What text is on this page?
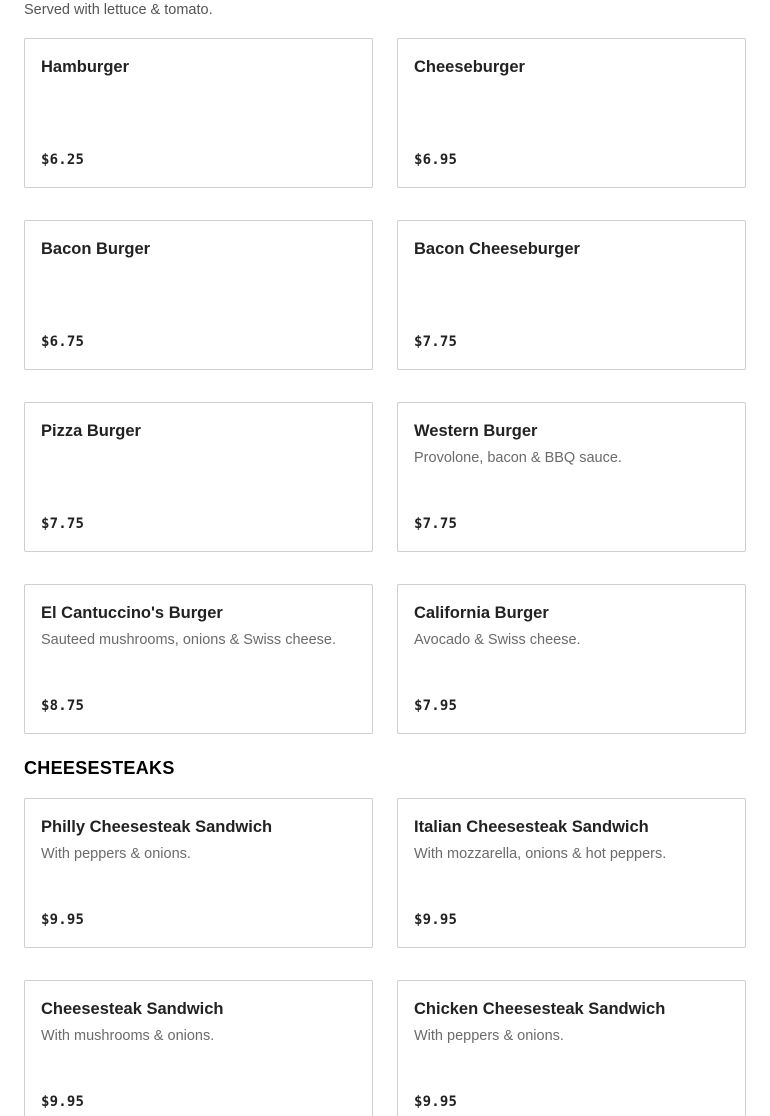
Served with lettuce & tomato.
Hamburger
$6.25
Cheeseburger
$6.95
Bacon Burger
$6.75
Bacon Cheeseburger
$7.75
Pizza Burger
$7.75
Western Burger
Provolone, bacon & BBQ sauce.
$7.75
El Cantuccino's Burger
Sauteed mushrooms, onions & Swiss cheese.
$8.75
California Burger
Avocado & Swiss cheese.
$7.95
CHEESESTEAKS
Philly Cheesesteak Sandwich
With peppers & onions.
$9.95
Italian Cheesesteak Sandwich
With mozzarella, onions & hot peppers.
$9.95
Cheesesteak Sandwich
With mushrooms & onions.
$9.95
Chicken Cheesesteak Sandwich
With peppers & onions.
$9.95
